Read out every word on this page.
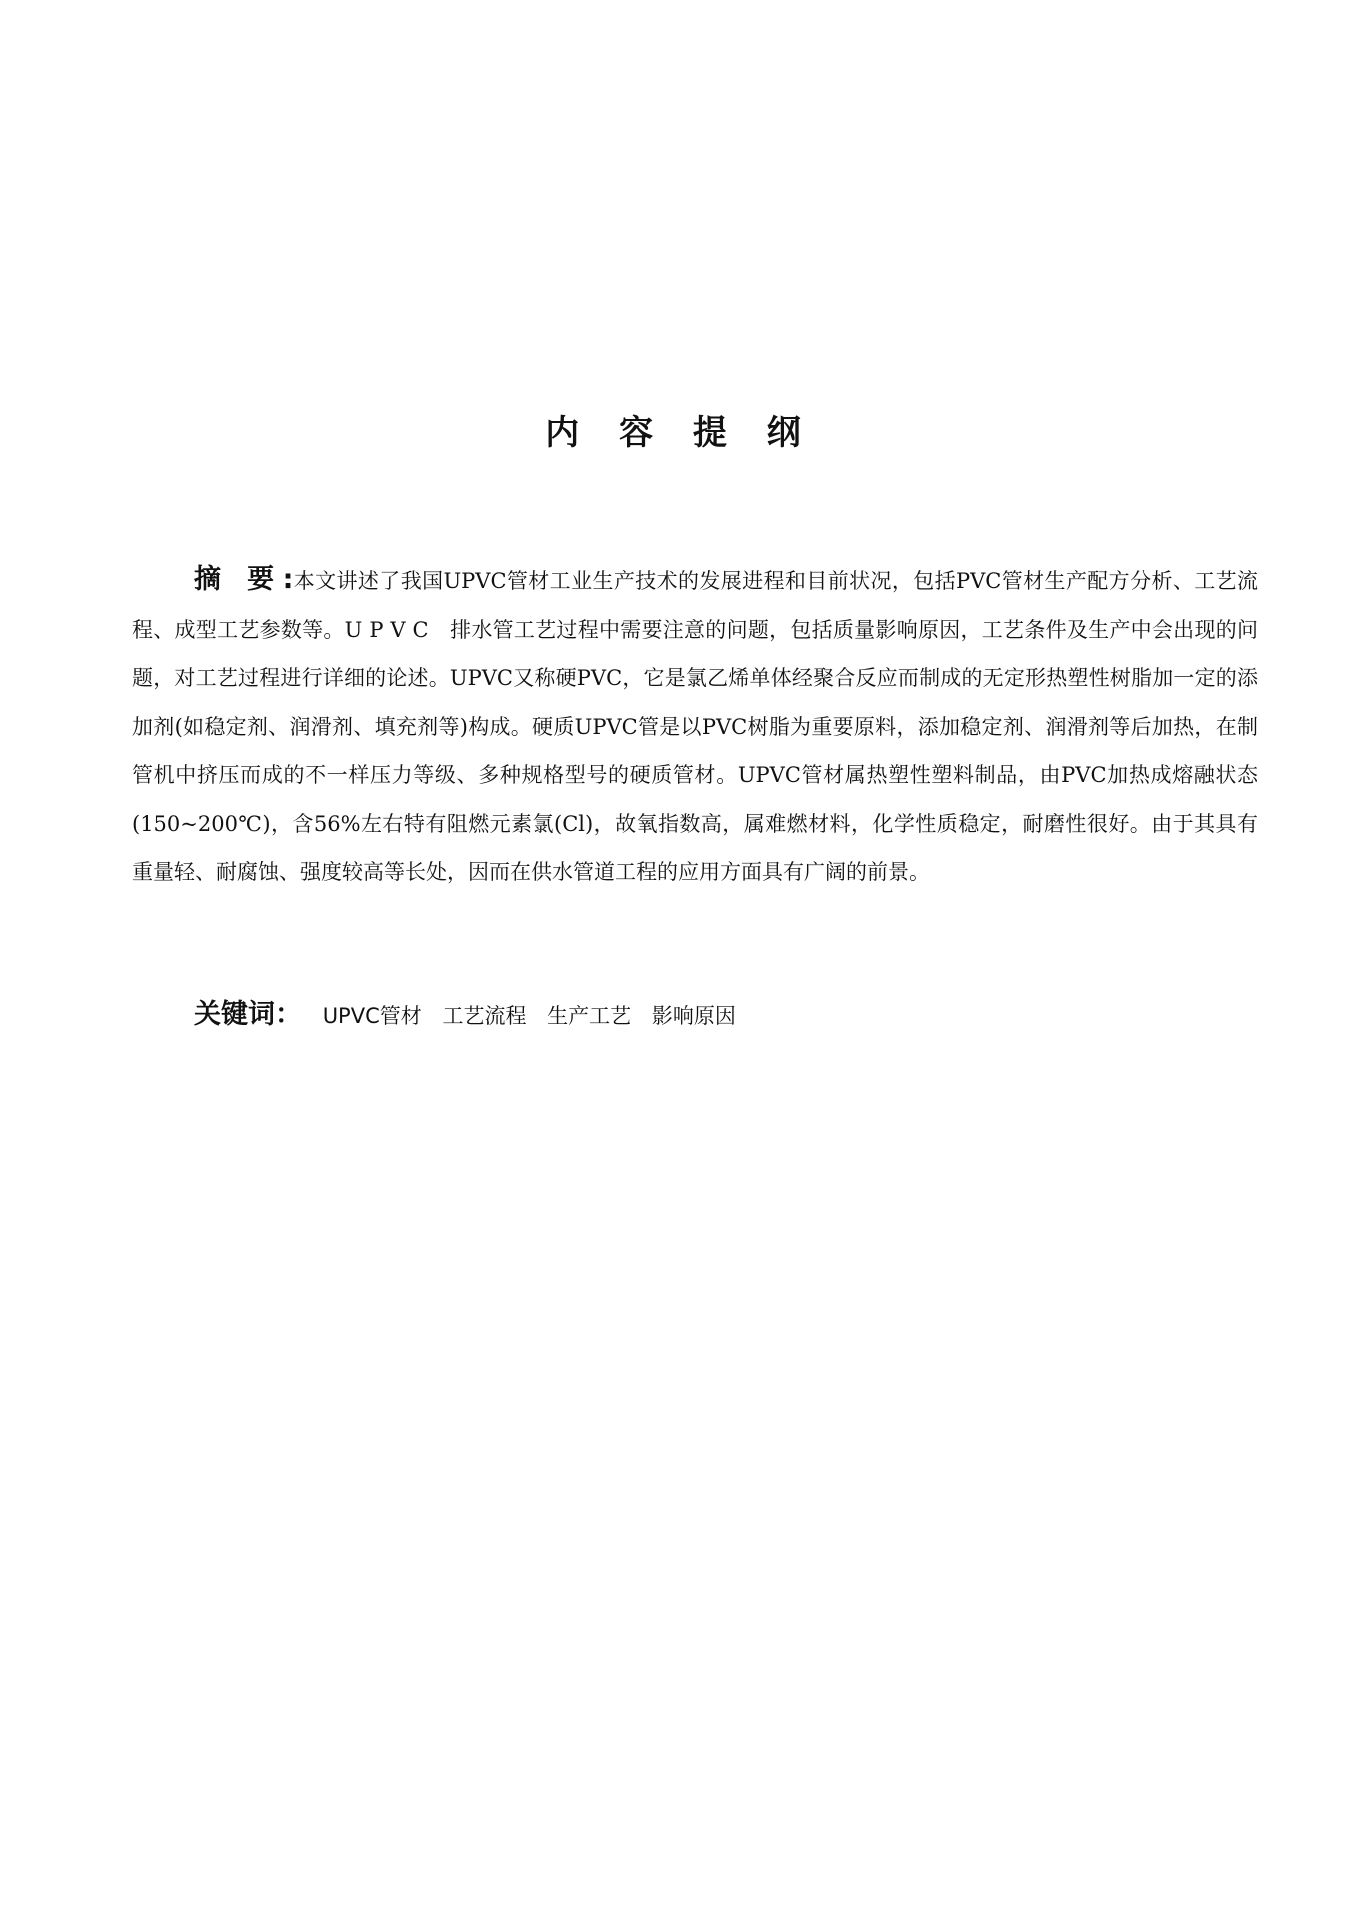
内 容 提 纲

摘 要:本文讲述了我国UPVC管材工业生产技术的发展进程和目前状况，包括PVC管材生产配方分析、工艺流程、成型工艺参数等。U P V C　排水管工艺过程中需要注意的问题，包括质量影响原因，工艺条件及生产中会出现的问题，对工艺过程进行详细的论述。UPVC又称硬PVC，它是氯乙烯单体经聚合反应而制成的无定形热塑性树脂加一定的添加剂(如稳定剂、润滑剂、填充剂等)构成。硬质UPVC管是以PVC树脂为重要原料，添加稳定剂、润滑剂等后加热，在制管机中挤压而成的不一样压力等级、多种规格型号的硬质管材。UPVC管材属热塑性塑料制品，由PVC加热成熔融状态(150~200℃)，含56%左右特有阻燃元素氯(Cl)，故氧指数高，属难燃材料，化学性质稳定，耐磨性很好。由于其具有重量轻、耐腐蚀、强度较高等长处，因而在供水管道工程的应用方面具有广阔的前景。

关键词： UPVC管材 工艺流程 生产工艺 影响原因
